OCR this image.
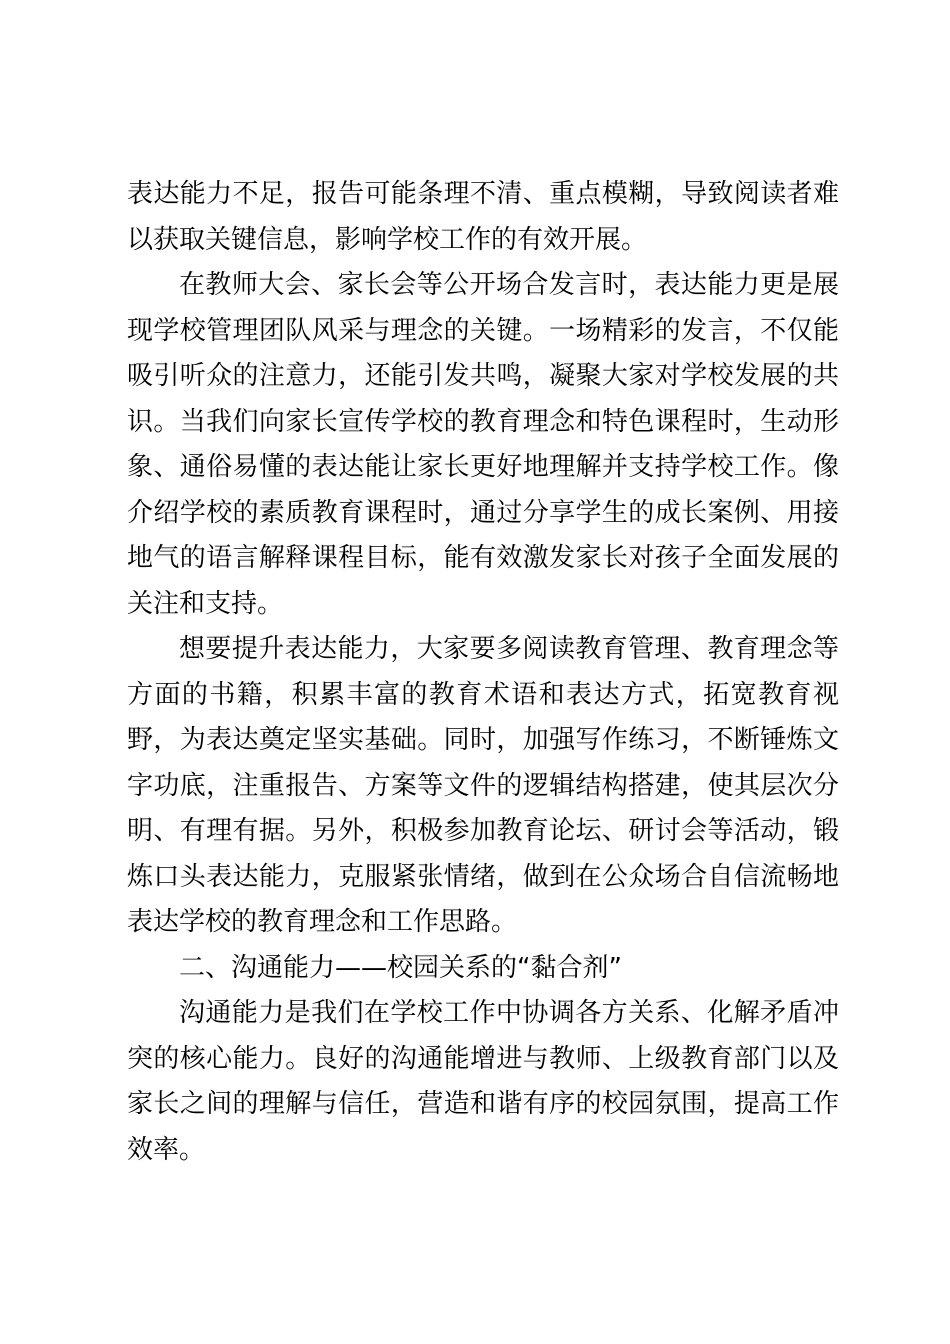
表达能力不足，报告可能条理不清、重点模糊，导致阅读者难以获取关键信息，影响学校工作的有效开展。

在教师大会、家长会等公开场合发言时，表达能力更是展现学校管理团队风采与理念的关键。一场精彩的发言，不仅能吸引听众的注意力，还能引发共鸣，凝聚大家对学校发展的共识。当我们向家长宣传学校的教育理念和特色课程时，生动形象、通俗易懂的表达能让家长更好地理解并支持学校工作。像介绍学校的素质教育课程时，通过分享学生的成长案例、用接地气的语言解释课程目标，能有效激发家长对孩子全面发展的关注和支持。

想要提升表达能力，大家要多阅读教育管理、教育理念等方面的书籍，积累丰富的教育术语和表达方式，拓宽教育视野，为表达奠定坚实基础。同时，加强写作练习，不断锤炼文字功底，注重报告、方案等文件的逻辑结构搭建，使其层次分明、有理有据。另外，积极参加教育论坛、研讨会等活动，锻炼口头表达能力，克服紧张情绪，做到在公众场合自信流畅地表达学校的教育理念和工作思路。

二、沟通能力——校园关系的“黏合剂”

沟通能力是我们在学校工作中协调各方关系、化解矛盾冲突的核心能力。良好的沟通能增进与教师、上级教育部门以及家长之间的理解与信任，营造和谐有序的校园氛围，提高工作效率。
